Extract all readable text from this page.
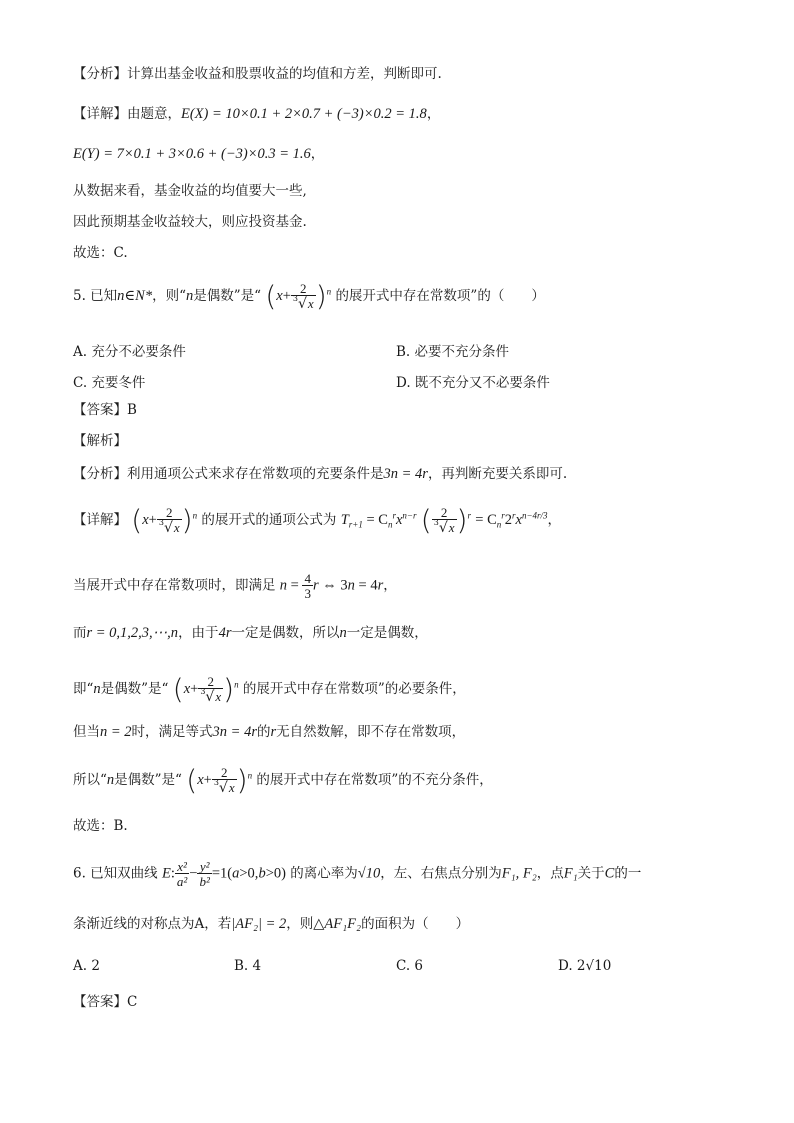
【分析】计算出基金收益和股票收益的均值和方差，判断即可.
【详解】由题意，E(X) = 10×0.1 + 2×0.7 + (−3)×0.2 = 1.8，
E(Y) = 7×0.1 + 3×0.6 + (−3)×0.3 = 1.6，
从数据来看，基金收益的均值要大一些,
因此预期基金收益较大，则应投资基金.
故选：C.
5. 已知n∈N*，则“n是偶数”是“ $(x+ \frac{2}{^3√x} )^n$ 的展开式中存在常数项”的（　　）
A. 充分不必要条件	B. 必要不充分条件
C. 充要冬件	D. 既不充分又不必要条件
【答案】B
【解析】
【分析】利用通项公式来求存在常数项的充要条件是3n = 4r，再判断充要关系即可.
【详解】 $(x+ \frac{2}{^3√x} )^n$ 的展开式的通项公式为 $T_{r+1} = C_n^rx^{n-r}$ ( $\frac{2}{^3√x} )^r = C_n^r2^rx^{n-4r/3}$，
当展开式中存在常数项时，即满足 $n = \frac{4}{3}$ r ⇔ 3n = 4r，
而r = 0,1,2,3,⋯,n，由于4r一定是偶数，所以n一定是偶数，
即“n是偶数”是“ $(x+ \frac{2}{^3√x} )^n$ 的展开式中存在常数项”的必要条件，
但当n = 2时，满足等式3n = 4r的r无自然数解，即不存在常数项，
所以“n是偶数”是“ $(x+ \frac{2}{^3√x} )^n$ 的展开式中存在常数项”的不充分条件，
故选：B.
6. 已知双曲线 E: $\frac{\text{x²}}{\text{a²}} - \frac{\text{y²}}{\text{b²}} =1(a>0,b>0)$ 的离心率为√10，左、右焦点分别为F₁, F₂，点F₁关于C的一
条渐近线的对称点为A，若|AF₂| = 2，则△AF₁F₂的面积为（　　）
A. 2	B. 4	C. 6	D. 2√10
【答案】C
